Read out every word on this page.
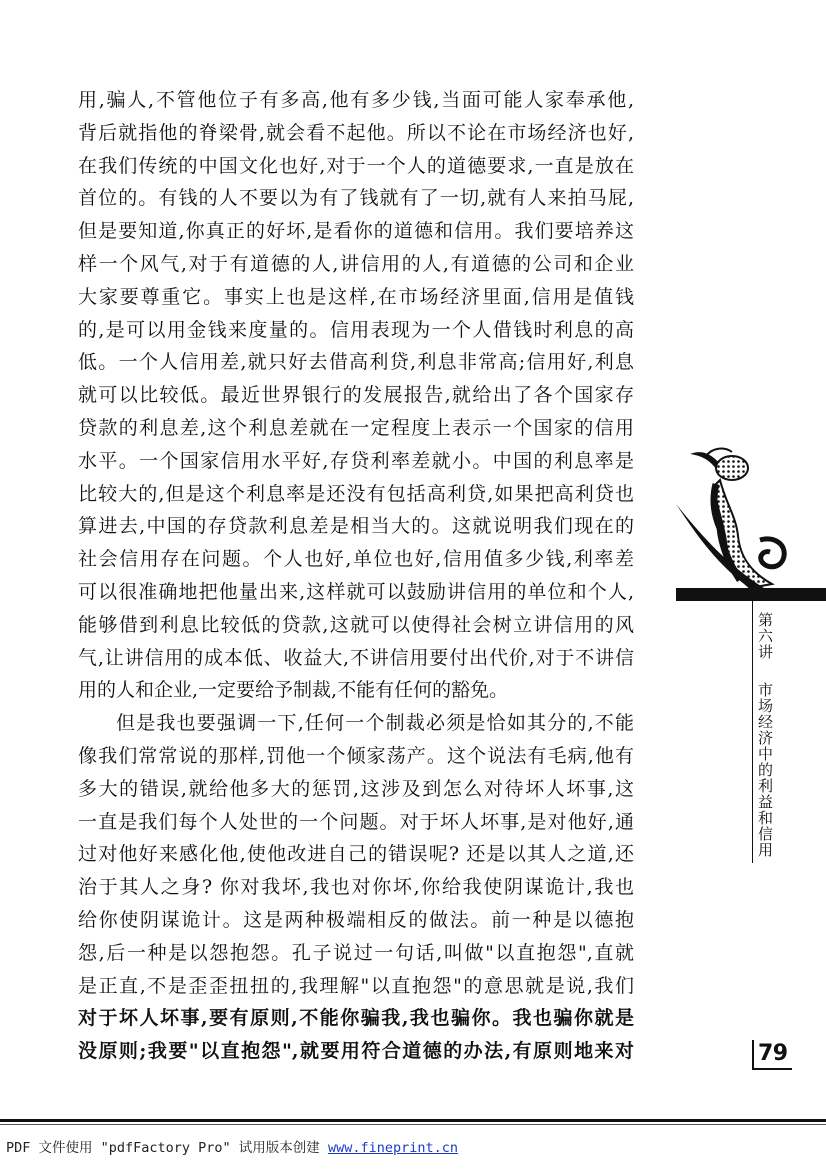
用,骗人,不管他位子有多高,他有多少钱,当面可能人家奉承他,
背后就指他的脊梁骨,就会看不起他。所以不论在市场经济也好,
在我们传统的中国文化也好,对于一个人的道德要求,一直是放在
首位的。有钱的人不要以为有了钱就有了一切,就有人来拍马屁,
但是要知道,你真正的好坏,是看你的道德和信用。我们要培养这
样一个风气,对于有道德的人,讲信用的人,有道德的公司和企业
大家要尊重它。事实上也是这样,在市场经济里面,信用是值钱
的,是可以用金钱来度量的。信用表现为一个人借钱时利息的高
低。一个人信用差,就只好去借高利贷,利息非常高;信用好,利息
就可以比较低。最近世界银行的发展报告,就给出了各个国家存
贷款的利息差,这个利息差就在一定程度上表示一个国家的信用
水平。一个国家信用水平好,存贷利率差就小。中国的利息率是
比较大的,但是这个利息率是还没有包括高利贷,如果把高利贷也
算进去,中国的存贷款利息差是相当大的。这就说明我们现在的
社会信用存在问题。个人也好,单位也好,信用值多少钱,利率差
可以很准确地把他量出来,这样就可以鼓励讲信用的单位和个人,
能够借到利息比较低的贷款,这就可以使得社会树立讲信用的风
气,让讲信用的成本低、收益大,不讲信用要付出代价,对于不讲信
用的人和企业,一定要给予制裁,不能有任何的豁免。
但是我也要强调一下,任何一个制裁必须是恰如其分的,不能
像我们常常说的那样,罚他一个倾家荡产。这个说法有毛病,他有
多大的错误,就给他多大的惩罚,这涉及到怎么对待坏人坏事,这
一直是我们每个人处世的一个问题。对于坏人坏事,是对他好,通
过对他好来感化他,使他改进自己的错误呢? 还是以其人之道,还
治于其人之身? 你对我坏,我也对你坏,你给我使阴谋诡计,我也
给你使阴谋诡计。这是两种极端相反的做法。前一种是以德抱
怨,后一种是以怨抱怨。孔子说过一句话,叫做"以直抱怨",直就
是正直,不是歪歪扭扭的,我理解"以直抱怨"的意思就是说,我们
对于坏人坏事,要有原则,不能你骗我,我也骗你。我也骗你就是
没原则;我要"以直抱怨",就要用符合道德的办法,有原则地来对
第六讲
市场经济中的利益和信用
79
PDF 文件使用 "pdfFactory Pro" 试用版本创建 www.fineprint.cn
